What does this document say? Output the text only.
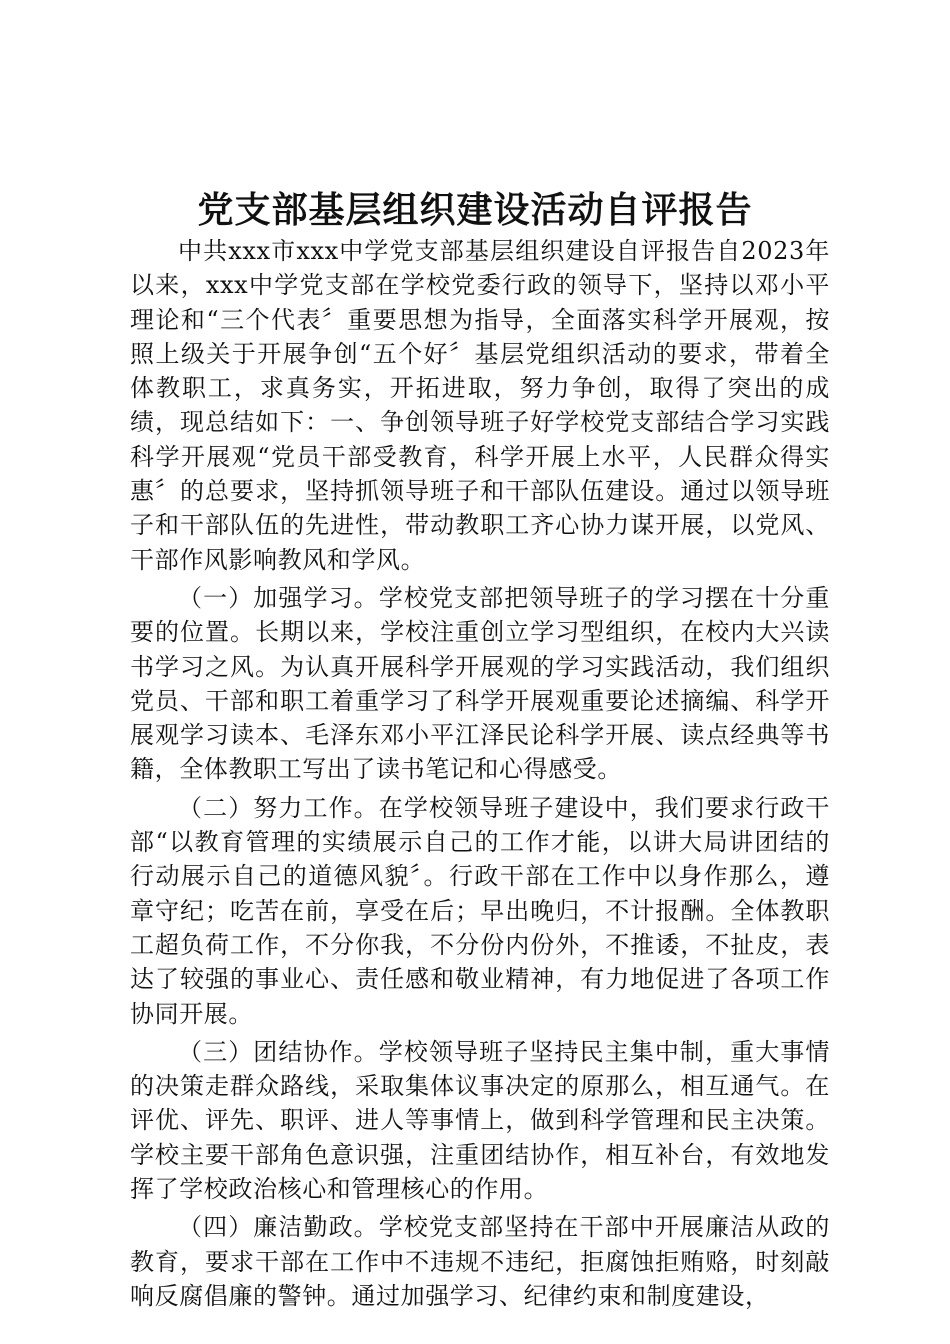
党支部基层组织建设活动自评报告

中共xxx市xxx中学党支部基层组织建设自评报告自2023年以来，xxx中学党支部在学校党委行政的领导下，坚持以邓小平理论和“三个代表〞重要思想为指导，全面落实科学开展观，按照上级关于开展争创“五个好〞基层党组织活动的要求，带着全体教职工，求真务实，开拓进取，努力争创，取得了突出的成绩，现总结如下：一、争创领导班子好学校党支部结合学习实践科学开展观“党员干部受教育，科学开展上水平，人民群众得实惠〞的总要求，坚持抓领导班子和干部队伍建设。通过以领导班子和干部队伍的先进性，带动教职工齐心协力谋开展，以党风、干部作风影响教风和学风。

（一）加强学习。学校党支部把领导班子的学习摆在十分重要的位置。长期以来，学校注重创立学习型组织，在校内大兴读书学习之风。为认真开展科学开展观的学习实践活动，我们组织党员、干部和职工着重学习了科学开展观重要论述摘编、科学开展观学习读本、毛泽东邓小平江泽民论科学开展、读点经典等书籍，全体教职工写出了读书笔记和心得感受。

（二）努力工作。在学校领导班子建设中，我们要求行政干部“以教育管理的实绩展示自己的工作才能，以讲大局讲团结的行动展示自己的道德风貌〞。行政干部在工作中以身作那么，遵章守纪；吃苦在前，享受在后；早出晚归，不计报酬。全体教职工超负荷工作，不分你我，不分份内份外，不推诿，不扯皮，表达了较强的事业心、责任感和敬业精神，有力地促进了各项工作协同开展。

（三）团结协作。学校领导班子坚持民主集中制，重大事情的决策走群众路线，采取集体议事决定的原那么，相互通气。在评优、评先、职评、进人等事情上，做到科学管理和民主决策。学校主要干部角色意识强，注重团结协作，相互补台，有效地发挥了学校政治核心和管理核心的作用。

（四）廉洁勤政。学校党支部坚持在干部中开展廉洁从政的教育，要求干部在工作中不违规不违纪，拒腐蚀拒贿赂，时刻敲响反腐倡廉的警钟。通过加强学习、纪律约束和制度建设，
